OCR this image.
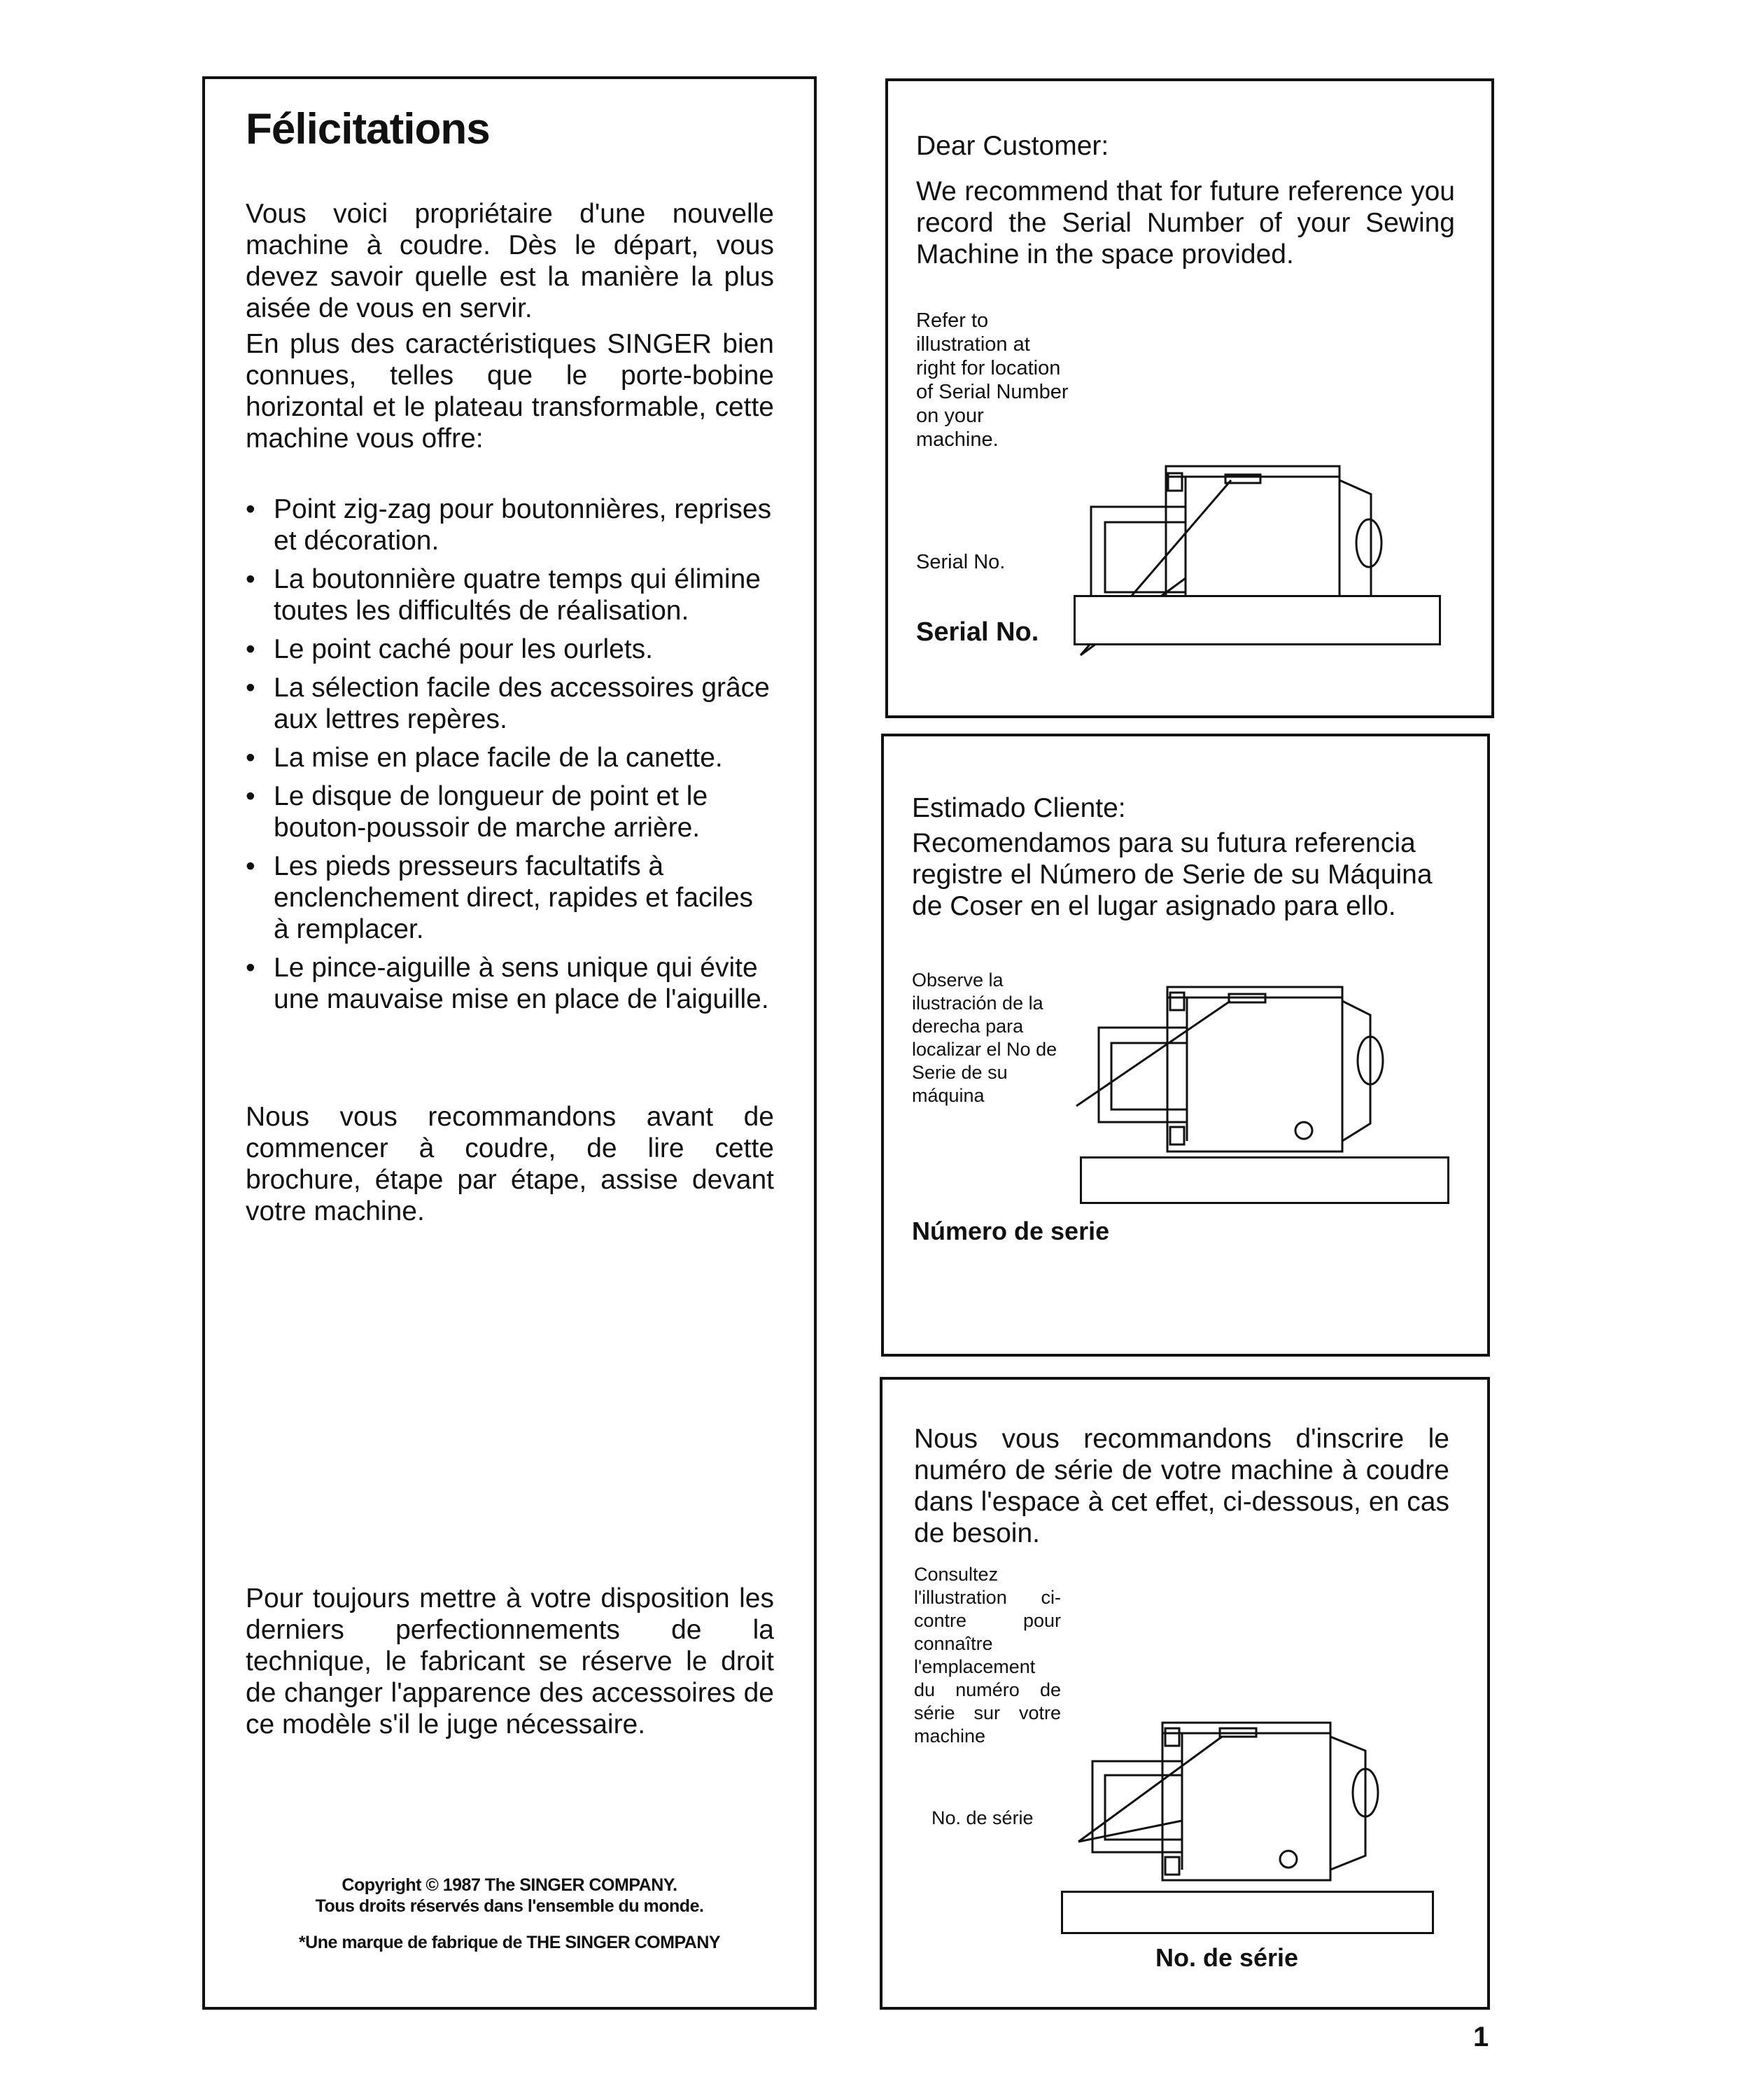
Félicitations
Vous voici propriétaire d'une nouvelle machine à coudre. Dès le départ, vous devez savoir quelle est la manière la plus aisée de vous en servir.
En plus des caractéristiques SINGER bien connues, telles que le porte-bobine horizontal et le plateau transformable, cette machine vous offre:
• Point zig-zag pour boutonnières, reprises et décoration.
• La boutonnière quatre temps qui élimine toutes les difficultés de réalisation.
• Le point caché pour les ourlets.
• La sélection facile des accessoires grâce aux lettres repères.
• La mise en place facile de la canette.
• Le disque de longueur de point et le bouton-poussoir de marche arrière.
• Les pieds presseurs facultatifs à enclenchement direct, rapides et faciles à remplacer.
• Le pince-aiguille à sens unique qui évite une mauvaise mise en place de l'aiguille.
Nous vous recommandons avant de commencer à coudre, de lire cette brochure, étape par étape, assise devant votre machine.
Pour toujours mettre à votre disposition les derniers perfectionnements de la technique, le fabricant se réserve le droit de changer l'apparence des accessoires de ce modèle s'il le juge nécessaire.
Copyright © 1987 The SINGER COMPANY.
Tous droits réservés dans l'ensemble du monde.
*Une marque de fabrique de THE SINGER COMPANY
Dear Customer:
We recommend that for future reference you record the Serial Number of your Sewing Machine in the space provided.
Refer to illustration at right for location of Serial Number on your machine.
Serial No.
Serial No.
Estimado Cliente:
Recomendamos para su futura referencia registre el Número de Serie de su Máquina de Coser en el lugar asignado para ello.
Observe la ilustración de la derecha para localizar el No de Serie de su máquina
Número de serie
Nous vous recommandons d'inscrire le numéro de série de votre machine à coudre dans l'espace à cet effet, ci-dessous, en cas de besoin.
Consultez l'illustration ci-contre pour connaître l'emplacement du numéro de série sur votre machine
No. de série
No. de série
1
